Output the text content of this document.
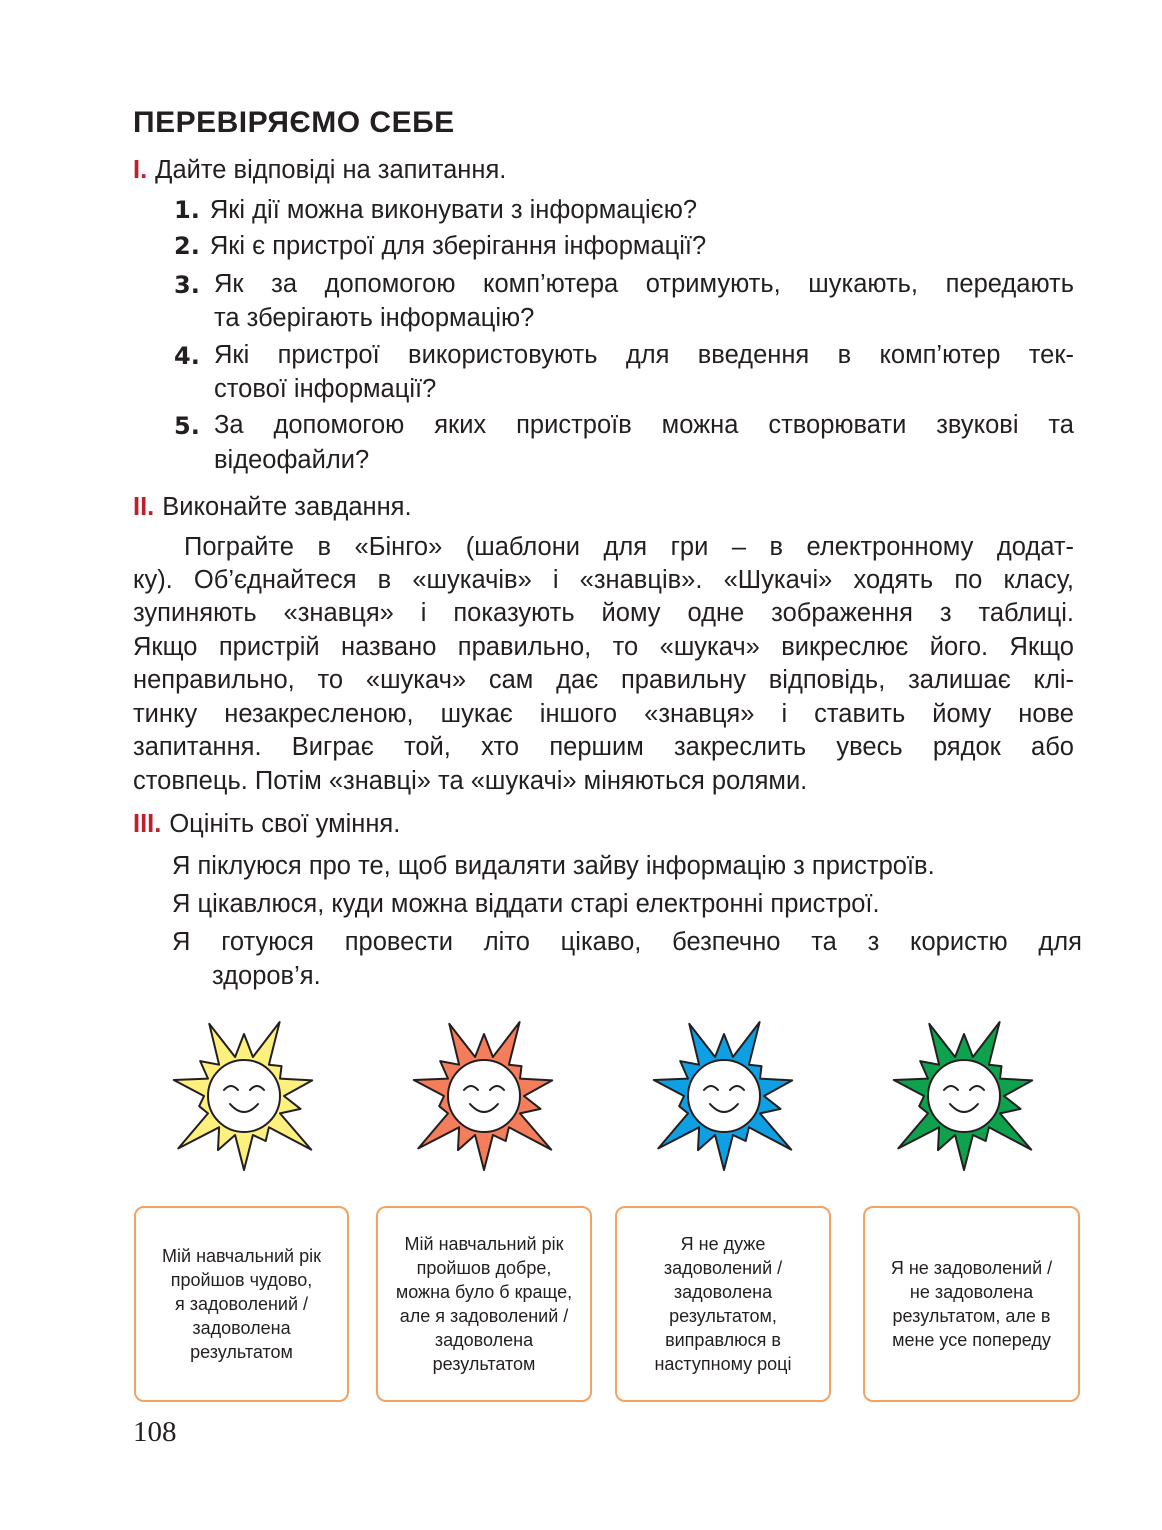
ПЕРЕВІРЯЄМО СЕБЕ
I. Дайте відповіді на запитання.
1. Які дії можна виконувати з інформацією?
2. Які є пристрої для зберігання інформації?
3. Як за допомогою комп’ютера отримують, шукають, передають
та зберігають інформацію?
4. Які пристрої використовують для введення в комп’ютер тек-
стової інформації?
5. За допомогою яких пристроїв можна створювати звукові та
відеофайли?
II. Виконайте завдання.
Пограйте в «Бінго» (шаблони для гри – в електронному додат-
ку). Об’єднайтеся в «шукачів» і «знавців». «Шукачі» ходять по класу,
зупиняють «знавця» і показують йому одне зображення з таблиці.
Якщо пристрій названо правильно, то «шукач» викреслює його. Якщо
неправильно, то «шукач» сам дає правильну відповідь, залишає клі-
тинку незакресленою, шукає іншого «знавця» і ставить йому нове
запитання. Виграє той, хто першим закреслить увесь рядок або
стовпець. Потім «знавці» та «шукачі» міняються ролями.
III. Оцініть свої уміння.
Я піклуюся про те, щоб видаляти зайву інформацію з пристроїв.
Я цікавлюся, куди можна віддати старі електронні пристрої.
Я готуюся провести літо цікаво, безпечно та з користю для
здоров’я.
Мій навчальний рік
пройшов чудово,
я задоволений /
задоволена
результатом
Мій навчальний рік
пройшов добре,
можна було б краще,
але я задоволений /
задоволена
результатом
Я не дуже
задоволений /
задоволена
результатом,
виправлюся в
наступному році
Я не задоволений /
не задоволена
результатом, але в
мене усе попереду
108
